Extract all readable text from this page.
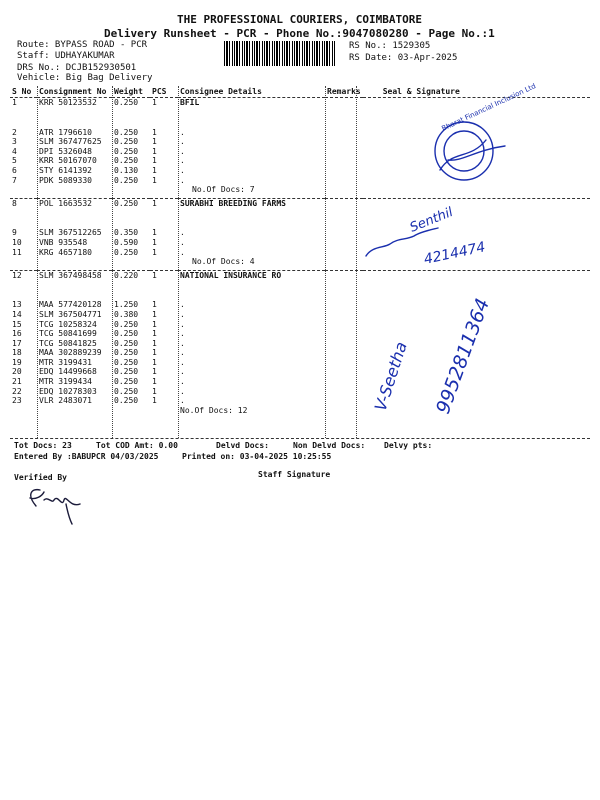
THE PROFESSIONAL COURIERS, COIMBATORE
Delivery Runsheet - PCR - Phone No.:9047080280 - Page No.:1
Route: BYPASS ROAD - PCR
Staff: UDHAYAKUMAR
DRS No.: DCJB152930501
Vehicle: Big Bag Delivery
RS No.: 1529305
RS Date: 03-Apr-2025
S No	Consignment No	Weight	PCS	Consignee Details	Remarks	Seal & Signature
1	KRR 50123532	0.250	1	BFIL		

2	ATR 1796610	0.250	1	.		
3	SLM 367477625	0.250	1	.		
4	DPI 5326048	0.250	1	.		
5	KRR 50167070	0.250	1	.		
6	STY 6141392	0.130	1	.		
7	PDK 5089330	0.250	1	.		
				No.Of Docs: 7		

8	POL 1663532	0.250	1	SURABHI BREEDING FARMS		

9	SLM 367512265	0.350	1	.		
10	VNB 935548	0.590	1	.		
11	KRG 4657180	0.250	1	.		
				No.Of Docs: 4		

12	SLM 367498458	0.220	1	NATIONAL INSURANCE RO		

13	MAA 577420128	1.250	1	.		
14	SLM 367504771	0.380	1	.		
15	TCG 10258324	0.250	1	.		
16	TCG 50841699	0.250	1	.		
17	TCG 50841825	0.250	1	.		
18	MAA 302889239	0.250	1	.		
19	MTR 3199431	0.250	1	.		
20	EDQ 14499668	0.250	1	.		
21	MTR 3199434	0.250	1	.		
22	EDQ 10278303	0.250	1	.		
23	VLR 2483071	0.250	1	.		
				No.Of Docs: 12		
Tot Docs: 23	Tot COD Amt: 0.00	Delvd Docs:	Non Delvd Docs: Delvy pts:
Entered By :BABUPCR 04/03/2025	Printed on: 03-04-2025 10:25:55
Verified By	Staff Signature
Bharat Financial Inclusion Ltd
Senthil
4214474
V-Seetha 9952811364
